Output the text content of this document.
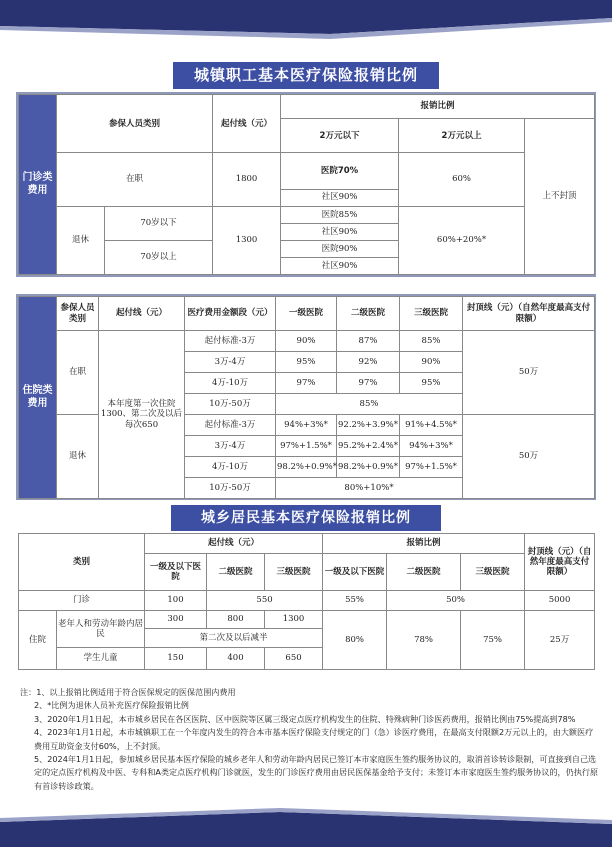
城镇职工基本医疗保险报销比例
门诊类费用	参保人员类别		起付线（元）	报销比例		
				2万元以下	2万元以上	上不封顶
	在职		1800	医院70%	60%	
				社区90%		
	退休	70岁以下	1300	医院85%	60%+20%*	
				社区90%		
		70岁以上		医院90%		
				社区90%		
住院类费用	参保人员类别	起付线（元）	医疗费用金额段（元）	一级医院	二级医院	三级医院	封顶线（元）（自然年度最高支付限额）
	在职	本年度第一次住院1300、第二次及以后每次650	起付标准-3万	90%	87%	85%	50万
			3万-4万	95%	92%	90%	
			4万-10万	97%	97%	95%	
			10万-50万	85%			
	退休		起付标准-3万	94%+3%*	92.2%+3.9%*	91%+4.5%*	50万
			3万-4万	97%+1.5%*	95.2%+2.4%*	94%+3%*	
			4万-10万	98.2%+0.9%*	98.2%+0.9%*	97%+1.5%*	
			10万-50万	80%+10%*			
城乡居民基本医疗保险报销比例
类别		起付线（元）			报销比例			封顶线（元）（自然年度最高支付限额）
		一级及以下医院	二级医院	三级医院	一级及以下医院	二级医院	三级医院	
门诊		100	550		55%	50%		5000
住院	老年人和劳动年龄内居民	300	800	1300	80%	78%	75%	25万
		第二次及以后减半						
	学生儿童	150	400	650				

注：1、以上报销比例适用于符合医保规定的医保范围内费用

2、*比例为退休人员补充医疗保险报销比例

3、2020年1月1日起，本市城乡居民在各区医院、区中医院等区属三级定点医疗机构发生的住院、特殊病种门诊医药费用，报销比例由75%提高到78%

4、2023年1月1日起，本市城镇职工在一个年度内发生的符合本市基本医疗保险支付规定的门（急）诊医疗费用，在最高支付限额2万元以上的，由大额医疗费用互助资金支付60%，上不封顶。

5、2024年1月1日起，参加城乡居民基本医疗保险的城乡老年人和劳动年龄内居民已签订本市家庭医生签约服务协议的，取消首诊转诊限制，可直接到自己选定的定点医疗机构及中医、专科和A类定点医疗机构门诊就医，发生的门诊医疗费用由居民医保基金给予支付；未签订本市家庭医生签约服务协议的，仍执行原有首诊转诊政策。
